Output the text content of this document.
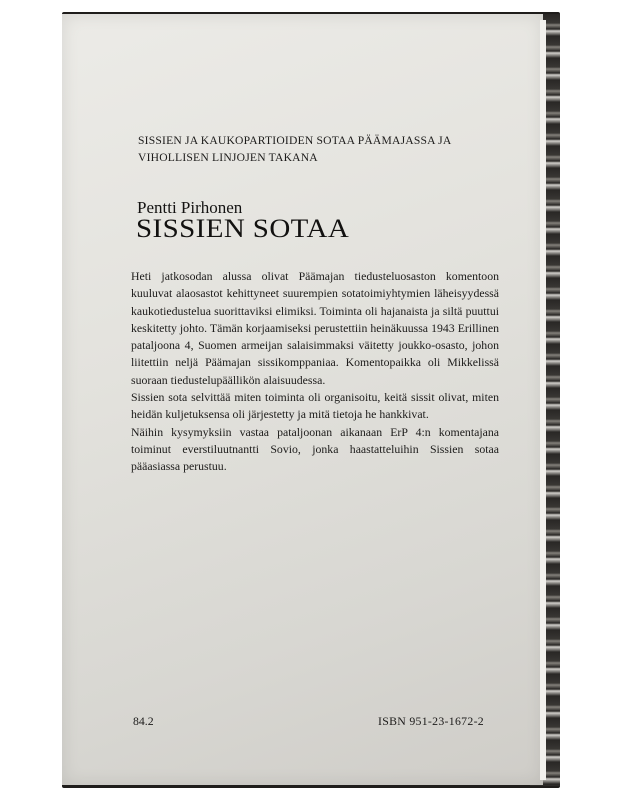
SISSIEN JA KAUKOPARTIOIDEN SOTAA PÄÄMAJASSA JA VIHOLLISEN LINJOJEN TAKANA
Pentti Pirhonen
SISSIEN SOTAA

Heti jatkosodan alussa olivat Päämajan tiedusteluosaston komentoon kuuluvat alaosastot kehittyneet suurempien sotatoimiyhtymien läheisyydessä kaukotiedustelua suorittaviksi elimiksi. Toiminta oli hajanaista ja siltä puuttui keskitetty johto. Tämän korjaamiseksi perustettiin heinäkuussa 1943 Erillinen pataljoona 4, Suomen armeijan salaisimmaksi väitetty joukko-osasto, johon liitettiin neljä Päämajan sissikomppaniaa. Komentopaikka oli Mikkelissä suoraan tiedustelupäällikön alaisuudessa.

Sissien sota selvittää miten toiminta oli organisoitu, keitä sissit olivat, miten heidän kuljetuksensa oli järjestetty ja mitä tietoja he hankkivat.

Näihin kysymyksiin vastaa pataljoonan aikanaan ErP 4:n komentajana toiminut everstiluutnantti Sovio, jonka haastatteluihin Sissien sotaa pääasiassa perustuu.

84.2	ISBN 951-23-1672-2
